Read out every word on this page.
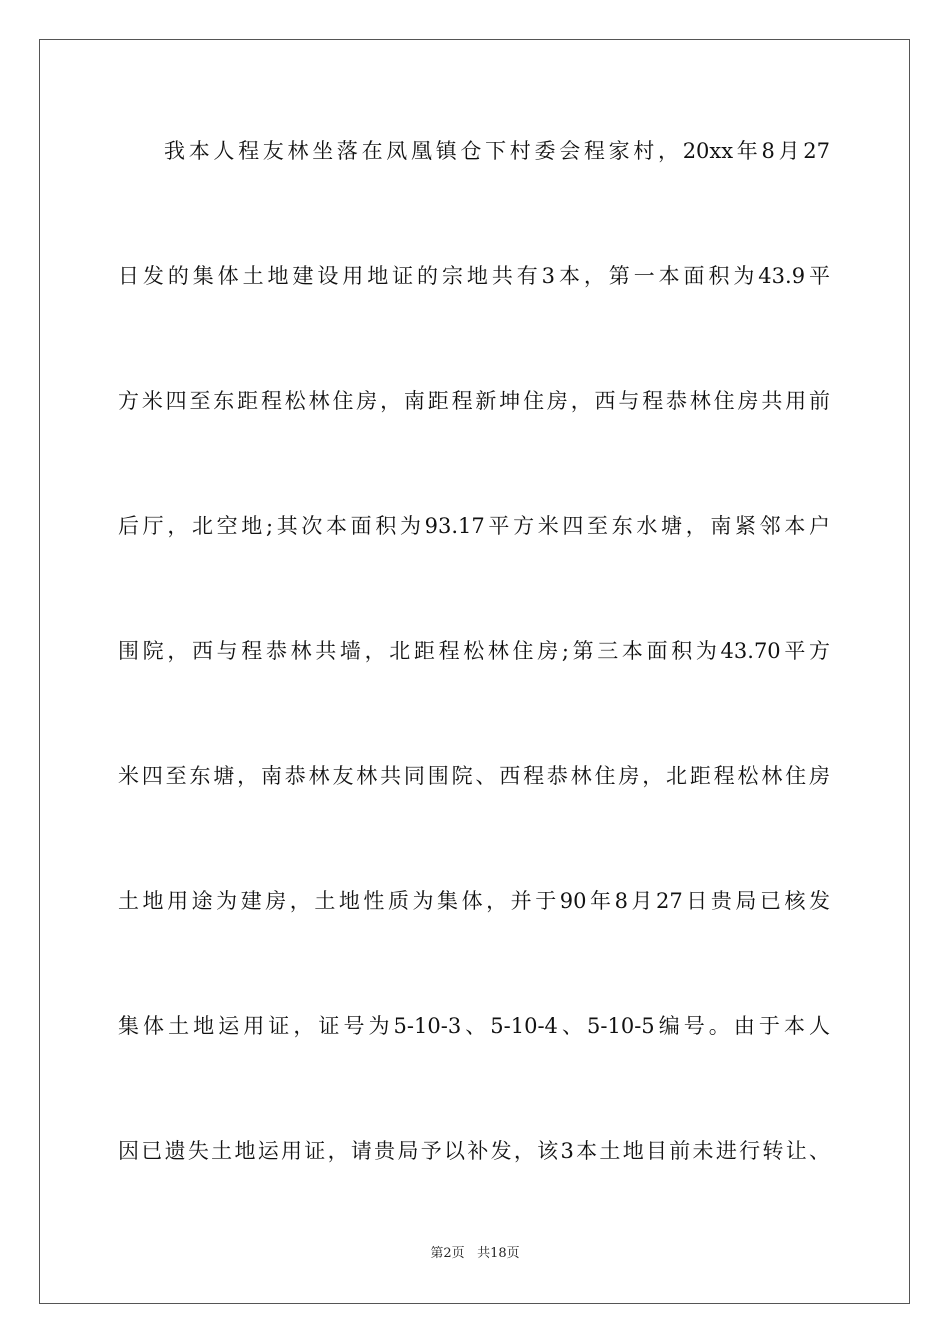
我本人程友林坐落在凤凰镇仓下村委会程家村，20xx年8月27
日发的集体土地建设用地证的宗地共有3本，第一本面积为43.9平
方米四至东距程松林住房，南距程新坤住房，西与程恭林住房共用前
后厅，北空地;其次本面积为93.17平方米四至东水塘，南紧邻本户
围院，西与程恭林共墙，北距程松林住房;第三本面积为43.70平方
米四至东塘，南恭林友林共同围院、西程恭林住房，北距程松林住房
土地用途为建房，土地性质为集体，并于90年8月27日贵局已核发
集体土地运用证，证号为5-10-3、5-10-4、5-10-5编号。由于本人
因已遗失土地运用证，请贵局予以补发，该3本土地目前未进行转让、
第2页 共18页
